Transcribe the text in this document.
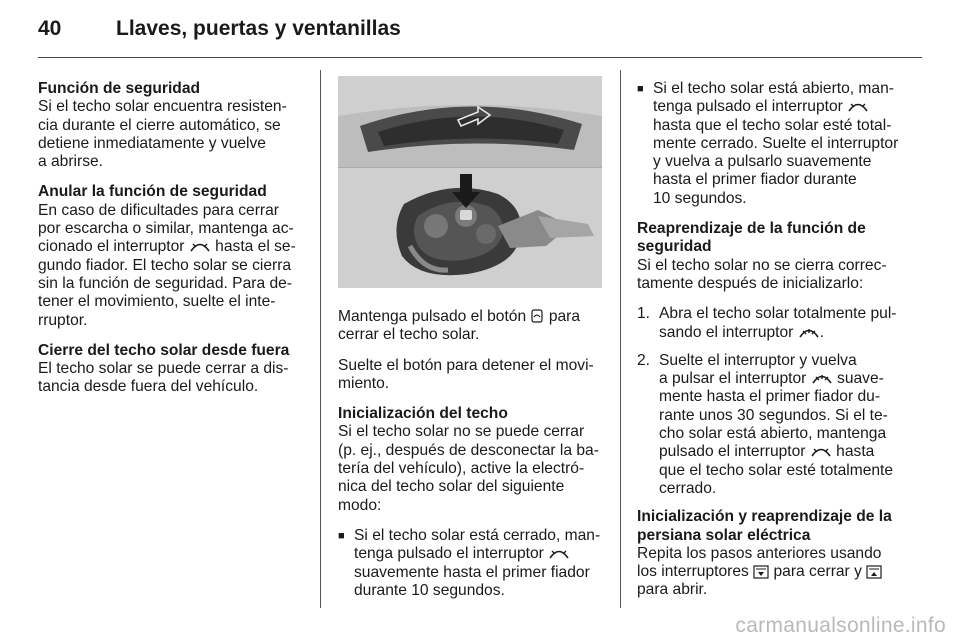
40	Llaves, puertas y ventanillas
Función de seguridad
Si el techo solar encuentra resisten-
cia durante el cierre automático, se
detiene inmediatamente y vuelve
a abrirse.
Anular la función de seguridad
En caso de dificultades para cerrar
por escarcha o similar, mantenga ac-
cionado el interruptor  hasta el se-
gundo fiador. El techo solar se cierra
sin la función de seguridad. Para de-
tener el movimiento, suelte el inte-
rruptor.
Cierre del techo solar desde fuera
El techo solar se puede cerrar a dis-
tancia desde fuera del vehículo.
Mantenga pulsado el botón  para
cerrar el techo solar.
Suelte el botón para detener el movi-
miento.
Inicialización del techo
Si el techo solar no se puede cerrar
(p. ej., después de desconectar la ba-
tería del vehículo), active la electró-
nica del techo solar del siguiente
modo:
■ Si el techo solar está cerrado, man-
tenga pulsado el interruptor
suavemente hasta el primer fiador
durante 10 segundos.
■ Si el techo solar está abierto, man-
tenga pulsado el interruptor
hasta que el techo solar esté total-
mente cerrado. Suelte el interruptor
y vuelva a pulsarlo suavemente
hasta el primer fiador durante
10 segundos.
Reaprendizaje de la función de seguridad
Si el techo solar no se cierra correc-
tamente después de inicializarlo:
1. Abra el techo solar totalmente pul-
sando el interruptor .
2. Suelte el interruptor y vuelva
a pulsar el interruptor  suave-
mente hasta el primer fiador du-
rante unos 30 segundos. Si el te-
cho solar está abierto, mantenga
pulsado el interruptor  hasta
que el techo solar esté totalmente
cerrado.
Inicialización y reaprendizaje de la persiana solar eléctrica
Repita los pasos anteriores usando
los interruptores  para cerrar y
para abrir.
carmanualsonline.info
